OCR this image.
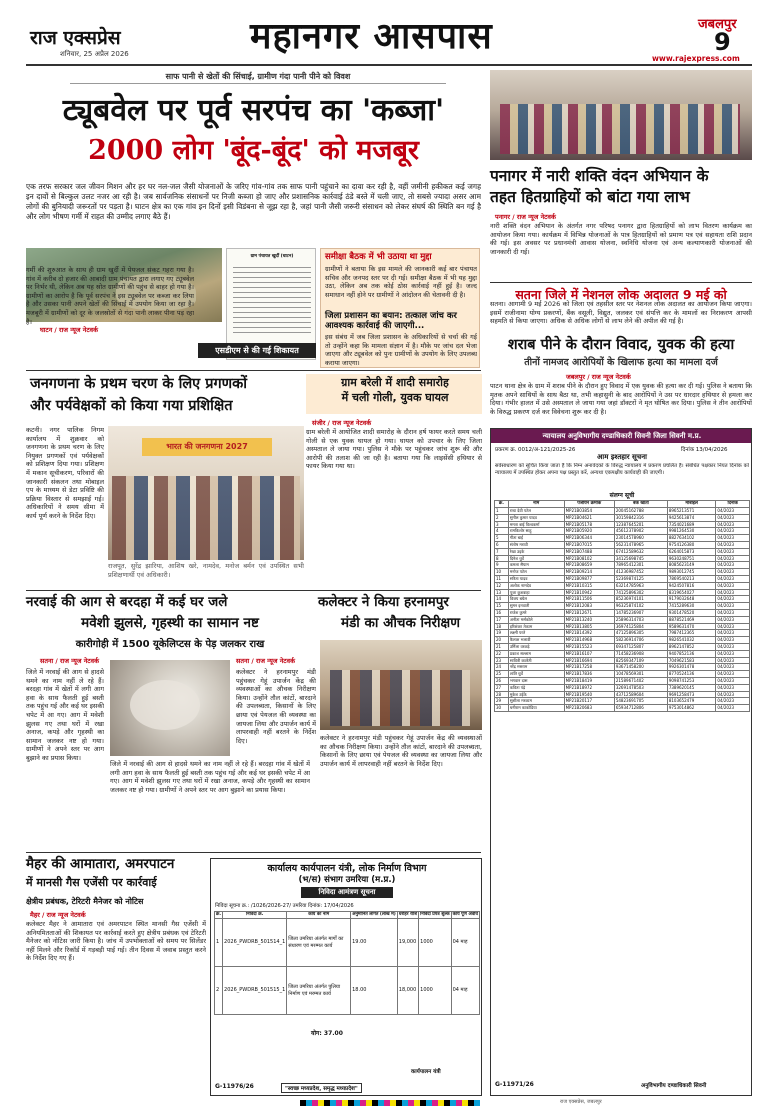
राज एक्सप्रेस
शनिवार, 25 अप्रैल 2026	महानगर आसपास	जबलपुर
9
www.rajexpress.com
साफ पानी से खेतों की सिंचाई, ग्रामीण गंदा पानी पीने को विवश
ट्यूबवेल पर पूर्व सरपंच का 'कब्जा'
2000 लोग 'बूंद-बूंद' को मजबूर
एक तरफ सरकार जल जीवन मिशन और हर घर नल-जल जैसी योजनाओं के जरिए गांव-गांव तक साफ पानी पहुंचाने का दावा कर रही है, वहीं जमीनी हकीकत कई जगह इन दावों से बिल्कुल उलट नजर आ रही है। जब सार्वजनिक संसाधनों पर निजी कब्जा हो जाए और प्रशासनिक कार्रवाई ठंडे बस्ते में चली जाए, तो सबसे ज्यादा असर आम लोगों की बुनियादी जरूरतों पर पड़ता है। घाटन क्षेत्र का एक गांव इन दिनों इसी विडंबना से जूझ रहा है, जहां पानी जैसी जरूरी संसाधन को लेकर संघर्ष की स्थिति बन गई है और लोग भीषण गर्मी में राहत की उम्मीद लगाए बैठे हैं।
घाटन / राज न्यूज नेटवर्क
ग्राम पंचायत खुर्दी (घाटन)
गर्मी की शुरुआत के साथ ही ग्राम खुर्दी में पेयजल संकट गहरा गया है। गांव में करीब दो हजार की आबादी ग्राम पंचायत द्वारा लगाए गए ट्यूबवेल पर निर्भर थी, लेकिन अब यह स्रोत ग्रामीणों की पहुंच से बाहर हो गया है। ग्रामीणों का आरोप है कि पूर्व सरपंच ने इस ट्यूबवेल पर कब्जा कर लिया है और उसका पानी अपने खेतों की सिंचाई में उपयोग किया जा रहा है। मजबूरी में ग्रामीणों को दूर के जलस्रोतों से गंदा पानी लाकर पीना पड़ रहा है।
एसडीएम से की गई शिकायत
समीक्षा बैठक में भी उठाया था मुद्दा
ग्रामीणों ने बताया कि इस मामले की जानकारी कई बार पंचायत सचिव और जनपद स्तर पर दी गई। समीक्षा बैठक में भी यह मुद्दा उठा, लेकिन अब तक कोई ठोस कार्रवाई नहीं हुई है। जल्द समाधान नहीं होने पर ग्रामीणों ने आंदोलन की चेतावनी दी है।
जिला प्रशासन का बयान: तत्काल जांच कर आवश्यक कार्रवाई की जाएगी...
इस संबंध में जब जिला प्रशासन के अधिकारियों से चर्चा की गई तो उन्होंने कहा कि मामला संज्ञान में है। मौके पर जांच दल भेजा जाएगा और ट्यूबवेल को पुनः ग्रामीणों के उपयोग के लिए उपलब्ध कराया जाएगा।
पनागर में नारी शक्ति वंदन अभियान के
तहत हितग्राहियों को बांटा गया लाभ
पनागर / राज न्यूज नेटवर्क
नारी शक्ति वंदन अभियान के अंतर्गत नगर परिषद पनागर द्वारा हितग्राहियों को लाभ वितरण कार्यक्रम का आयोजन किया गया। कार्यक्रम में विभिन्न योजनाओं के पात्र हितग्राहियों को प्रमाण पत्र एवं सहायता राशि प्रदान की गई। इस अवसर पर प्रधानमंत्री आवास योजना, स्वनिधि योजना एवं अन्य कल्याणकारी योजनाओं की जानकारी दी गई।
सतना जिले में नेशनल लोक अदालत 9 मई को
सतना। आगामी 9 मई 2026 को जिला एवं तहसील स्तर पर नेशनल लोक अदालत का आयोजन किया जाएगा। इसमें राजीनामा योग्य प्रकरणों, बैंक वसूली, विद्युत, जलकर एवं संपत्ति कर के मामलों का निराकरण आपसी सहमति से किया जाएगा। अधिक से अधिक लोगों से लाभ लेने की अपील की गई है।
शराब पीने के दौरान विवाद, युवक की हत्या
तीनों नामजद आरोपियों के खिलाफ हत्या का मामला दर्ज
जबलपुर / राज न्यूज नेटवर्क
पाटन थाना क्षेत्र के ग्राम में शराब पीने के दौरान हुए विवाद में एक युवक की हत्या कर दी गई। पुलिस ने बताया कि मृतक अपने साथियों के साथ बैठा था, तभी कहासुनी के बाद आरोपियों ने उस पर धारदार हथियार से हमला कर दिया। गंभीर हालत में उसे अस्पताल ले जाया गया जहां डॉक्टरों ने मृत घोषित कर दिया। पुलिस ने तीन आरोपियों के विरुद्ध प्रकरण दर्ज कर विवेचना शुरू कर दी है।
जनगणना के प्रथम चरण के लिए प्रगणकों
और पर्यवेक्षकों को किया गया प्रशिक्षित
कटनी। नगर पालिक निगम कार्यालय में शुक्रवार को जनगणना के प्रथम चरण के लिए नियुक्त प्रगणकों एवं पर्यवेक्षकों को प्रशिक्षण दिया गया। प्रशिक्षण में मकान सूचीकरण, परिवारों की जानकारी संकलन तथा मोबाइल एप के माध्यम से डेटा प्रविष्टि की प्रक्रिया विस्तार से समझाई गई। अधिकारियों ने समय सीमा में कार्य पूर्ण करने के निर्देश दिए।
भारत की जनगणना 2027
राजपूत, सुरेंद्र झारिया, आशिष खरे, नामदेव, मनोज बर्मन एवं उपस्थित सभी प्रशिक्षणार्थी एवं अधिकारी।
ग्राम बरेली में शादी समारोह
में चली गोली, युवक घायल
संजीर / राज न्यूज नेटवर्क
ग्राम बरेली में आयोजित शादी समारोह के दौरान हर्ष फायर करते समय चली गोली से एक युवक घायल हो गया। घायल को उपचार के लिए जिला अस्पताल ले जाया गया। पुलिस ने मौके पर पहुंचकर जांच शुरू की और आरोपी की तलाश की जा रही है। बताया गया कि लाइसेंसी हथियार से फायर किया गया था।
न्यायालय अनुविभागीय दण्डाधिकारी सिवनी जिला सिवनी म.प्र.
प्रकरण क्र. 0012/अ-121/2025-26	दिनांक 13/04/2026
आम इश्तहार सूचना
सर्वसाधारण को सूचित किया जाता है कि निम्न अनावेदकों के विरुद्ध न्यायालय में प्रकरण प्रचलित है। संबंधित पक्षकार नियत दिनांक को न्यायालय में उपस्थित होकर अपना पक्ष प्रस्तुत करें, अन्यथा एकपक्षीय कार्यवाही की जाएगी।
संलग्न सूची
क्र.	नाम	पंजीयन क्रमांक	बैंक खाता	मोबाइल	दिनांक
1	राधा देवी पटेल	MP21B03854	20045162788	8965213571	04/2023
2	सुनील कुमार यादव	MP21B04621	30159842316	9425613874	04/2023
3	ममता बाई विश्वकर्मा	MP21B05178	12387645201	7354021689	04/2023
4	रामकिशोर साहू	MP21B05920	45612378902	9981264530	04/2023
5	गीता बाई	MP21B06344	23014578960	8827634102	04/2023
6	संतोष मरावी	MP21B07015	56231478965	9754126380	04/2023
7	रेखा उइके	MP21B07488	67412589632	6264015873	04/2023
8	दिनेश धुर्वे	MP21B08102	34125698745	9630248751	04/2023
9	कमला सैयाम	MP21B08659	78965412301	8085623149	04/2023
10	मनोज पटेल	MP21B09214	41236987452	9893012745	04/2023
11	सरिता यादव	MP21B09877	52369874125	7869540213	04/2023
12	अशोक नामदेव	MP21B10315	63214785963	9424507816	04/2023
13	पूजा कुशवाहा	MP21B10942	74125896302	8319654027	04/2023
14	विजय बघेल	MP21B11506	85236974101	9179032648	04/2023
15	सुमन इनवाती	MP21B12083	96325874102	7415289630	04/2023
16	राजेश कुमरे	MP21B12671	14785236907	9301478520	04/2023
17	अनीता मर्सकोले	MP21B13240	25896314703	8878521469	04/2023
18	हरिशंकर तेकाम	MP21B13805	36974125804	9589631470	04/2023
19	लक्ष्मी परते	MP21B14392	47125896305	7987412365	04/2023
20	कैलाश भलावी	MP21B14968	58236914706	9826541032	04/2023
21	उर्मिला वरकड़े	MP21B15523	69347125807	8962147852	04/2023
22	प्रकाश सल्लाम	MP21B16107	71458236908	9407852136	04/2023
23	सावित्री कवरेती	MP21B16694	82569347109	7049621583	04/2023
24	नरेंद्र मसराम	MP21B17258	93671458200	9926301478	04/2023
25	शांति धुर्वे	MP21B17836	10478569301	8770524136	04/2023
26	भगवान दास	MP21B18419	21589671402	9098741253	04/2023
27	कविता पंद्रे	MP21B18972	32691478503	7389620145	04/2023
28	मुकेश उईके	MP21B19540	43712589604	9691258473	04/2023
29	सुशीला मरकाम	MP21B20117	54823691705	8103652479	04/2023
30	धनीराम काकोडिया	MP21B20683	65934712806	9753014862	04/2023
G-11971/26	अनुविभागीय दण्डाधिकारी सिवनी
नरवाई की आग से बरदहा में कई घर जले
मवेशी झुलसे, गृहस्थी का सामान नष्ट
कारीगोही में 1500 यूकेलिप्टस के पेड़ जलकर राख
सतना / राज न्यूज नेटवर्क
जिले में नरवाई की आग से हादसे थमने का नाम नहीं ले रहे हैं। बरदहा गांव में खेतों में लगी आग हवा के साथ फैलती हुई बस्ती तक पहुंच गई और कई घर इसकी चपेट में आ गए। आग में मवेशी झुलस गए तथा घरों में रखा अनाज, कपड़े और गृहस्थी का सामान जलकर नष्ट हो गया। ग्रामीणों ने अपने स्तर पर आग बुझाने का प्रयास किया।
जिले में नरवाई की आग से हादसे थमने का नाम नहीं ले रहे हैं। बरदहा गांव में खेतों में लगी आग हवा के साथ फैलती हुई बस्ती तक पहुंच गई और कई घर इसकी चपेट में आ गए। आग में मवेशी झुलस गए तथा घरों में रखा अनाज, कपड़े और गृहस्थी का सामान जलकर नष्ट हो गया। ग्रामीणों ने अपने स्तर पर आग बुझाने का प्रयास किया।
कलेक्टर ने किया हरनामपुर
मंडी का औचक निरीक्षण
सतना / राज न्यूज नेटवर्क
कलेक्टर ने हरनामपुर मंडी पहुंचकर गेहूं उपार्जन केंद्र की व्यवस्थाओं का औचक निरीक्षण किया। उन्होंने तौल कांटों, बारदाने की उपलब्धता, किसानों के लिए छाया एवं पेयजल की व्यवस्था का जायजा लिया और उपार्जन कार्य में लापरवाही नहीं बरतने के निर्देश दिए।	कलेक्टर ने हरनामपुर मंडी पहुंचकर गेहूं उपार्जन केंद्र की व्यवस्थाओं का औचक निरीक्षण किया। उन्होंने तौल कांटों, बारदाने की उपलब्धता, किसानों के लिए छाया एवं पेयजल की व्यवस्था का जायजा लिया और उपार्जन कार्य में लापरवाही नहीं बरतने के निर्देश दिए।
मैहर की आमातारा, अमरपाटन
में मानसी गैस एजेंसी पर कार्रवाई
क्षेत्रीय प्रबंधक, टेरिटरी मैनेजर को नोटिस
मैहर / राज न्यूज नेटवर्क
कलेक्टर मैहर ने आमातारा एवं अमरपाटन स्थित मानसी गैस एजेंसी में अनियमितताओं की शिकायत पर कार्रवाई करते हुए क्षेत्रीय प्रबंधक एवं टेरिटरी मैनेजर को नोटिस जारी किया है। जांच में उपभोक्ताओं को समय पर सिलेंडर नहीं मिलने और रिकॉर्ड में गड़बड़ी पाई गई। तीन दिवस में जवाब प्रस्तुत करने के निर्देश दिए गए हैं।
कार्यालय कार्यपालन यंत्री, लोक निर्माण विभाग
(भ/स) संभाग उमरिया (म.प्र.)
निविदा आमंत्रण सूचना
निविदा सूचना क्र.: /1026/2026-27/ उमरिया दिनांक: 17/04/2026
क्र.	निविदा क्र.	कार्य का नाम	अनुमानित लागत (लाख में)	धरोहर राशि	निविदा प्रपत्र शुल्क	कार्य पूर्ण अवधि
1	2026_PWDRB_501514_1	जिला उमरिया अंतर्गत मार्गों का संधारण एवं मरम्मत कार्य	19.00	19,000	1000	04 माह
2	2026_PWDRB_501515_1	जिला उमरिया अंतर्गत पुलिया निर्माण एवं मरम्मत कार्य	18.00	18,000	1000	04 माह
योग: 37.00
G-11976/26	"स्वच्छ मध्यप्रदेश, समृद्ध मध्यप्रदेश"
कार्यपालन यंत्री
राज एक्सप्रेस, जबलपुर
